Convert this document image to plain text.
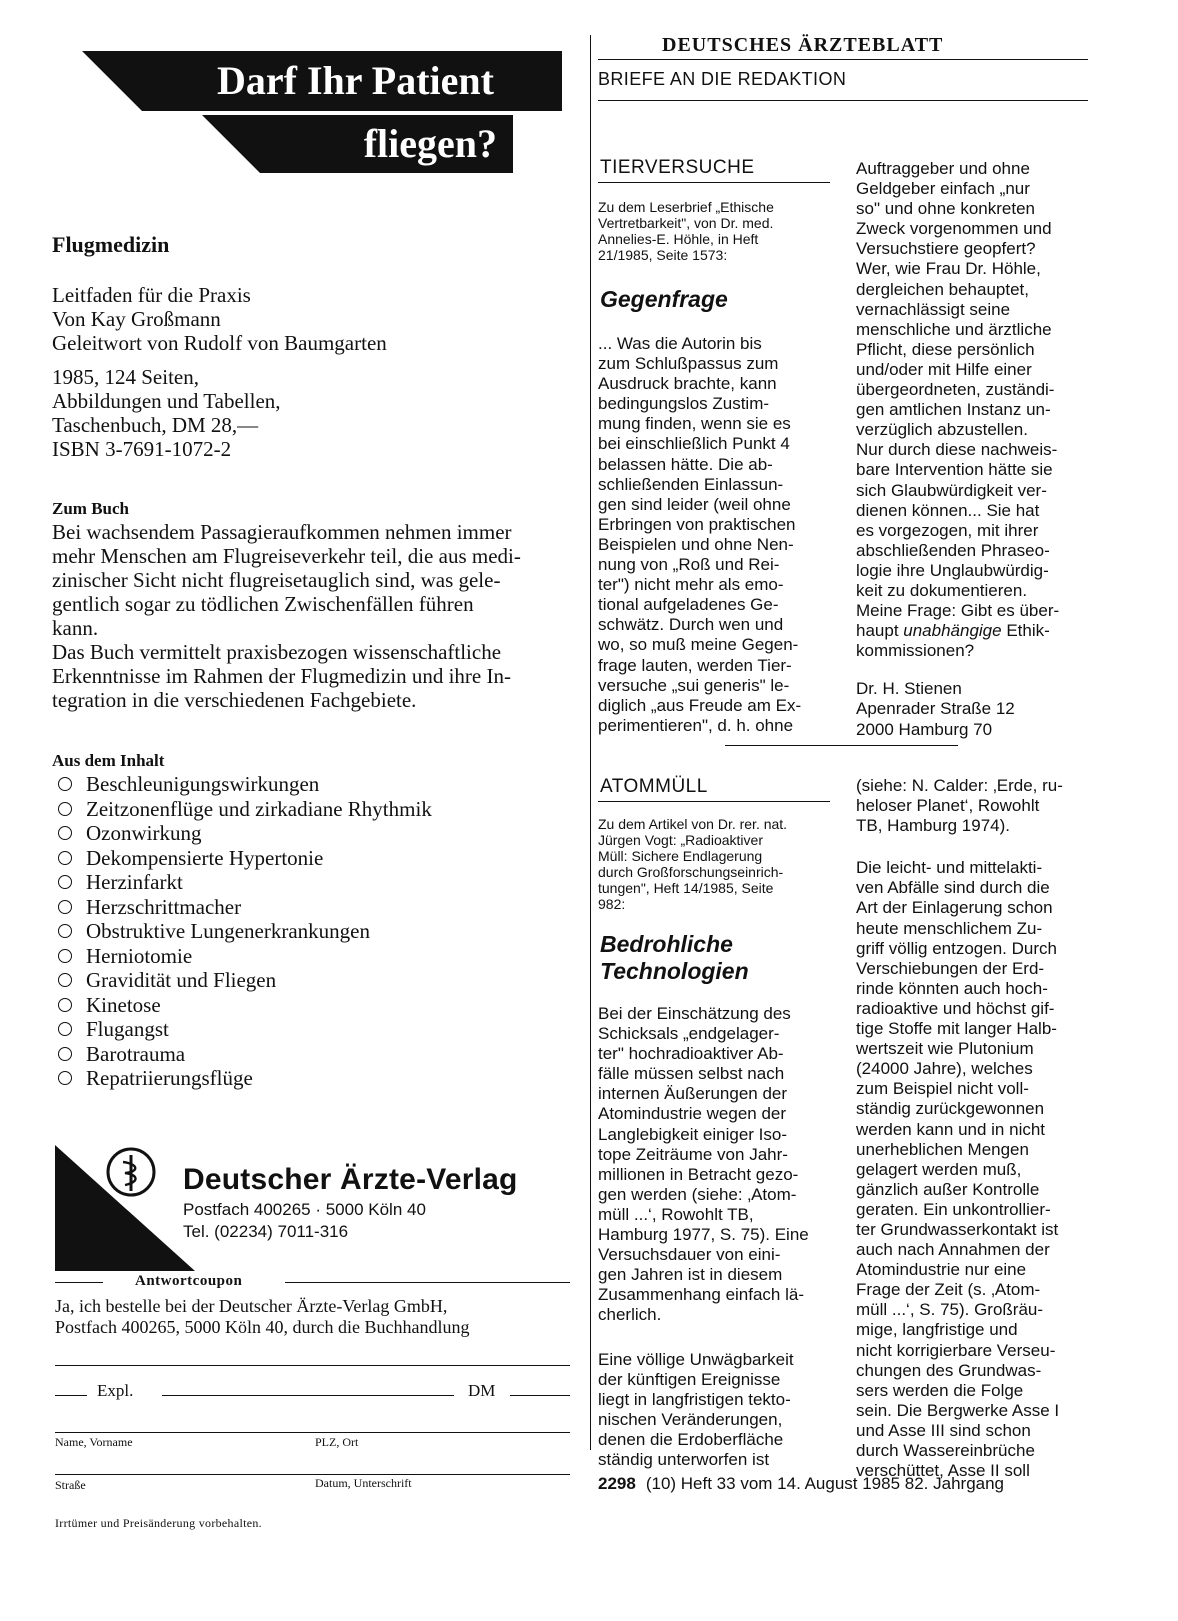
Darf Ihr Patient
fliegen?
Flugmedizin
Leitfaden für die Praxis
Von Kay Großmann
Geleitwort von Rudolf von Baumgarten
1985, 124 Seiten,
Abbildungen und Tabellen,
Taschenbuch, DM 28,—
ISBN 3-7691-1072-2
Zum Buch
Bei wachsendem Passagieraufkommen nehmen immer
mehr Menschen am Flugreiseverkehr teil, die aus medi-
zinischer Sicht nicht flugreisetauglich sind, was gele-
gentlich sogar zu tödlichen Zwischenfällen führen
kann.
Das Buch vermittelt praxisbezogen wissenschaftliche
Erkenntnisse im Rahmen der Flugmedizin und ihre In-
tegration in die verschiedenen Fachgebiete.
Aus dem Inhalt
Beschleunigungswirkungen
Zeitzonenflüge und zirkadiane Rhythmik
Ozonwirkung
Dekompensierte Hypertonie
Herzinfarkt
Herzschrittmacher
Obstruktive Lungenerkrankungen
Herniotomie
Gravidität und Fliegen
Kinetose
Flugangst
Barotrauma
Repatriierungsflüge
Deutscher Ärzte-Verlag
Postfach 400265 · 5000 Köln 40
Tel. (02234) 7011-316
Antwortcoupon
Ja, ich bestelle bei der Deutscher Ärzte-Verlag GmbH,
Postfach 400265, 5000 Köln 40, durch die Buchhandlung
Expl.	DM
Name, Vorname	PLZ, Ort
Straße	Datum, Unterschrift
Irrtümer und Preisänderung vorbehalten.
DEUTSCHES ÄRZTEBLATT
BRIEFE AN DIE REDAKTION
TIERVERSUCHE
Zu dem Leserbrief „Ethische
Vertretbarkeit", von Dr. med.
Annelies-E. Höhle, in Heft
21/1985, Seite 1573:
Gegenfrage
... Was die Autorin bis
zum Schlußpassus zum
Ausdruck brachte, kann
bedingungslos Zustim-
mung finden, wenn sie es
bei einschließlich Punkt 4
belassen hätte. Die ab-
schließenden Einlassun-
gen sind leider (weil ohne
Erbringen von praktischen
Beispielen und ohne Nen-
nung von „Roß und Rei-
ter") nicht mehr als emo-
tional aufgeladenes Ge-
schwätz. Durch wen und
wo, so muß meine Gegen-
frage lauten, werden Tier-
versuche „sui generis" le-
diglich „aus Freude am Ex-
perimentieren", d. h. ohne
Auftraggeber und ohne
Geldgeber einfach „nur
so" und ohne konkreten
Zweck vorgenommen und
Versuchstiere geopfert?
Wer, wie Frau Dr. Höhle,
dergleichen behauptet,
vernachlässigt seine
menschliche und ärztliche
Pflicht, diese persönlich
und/oder mit Hilfe einer
übergeordneten, zuständi-
gen amtlichen Instanz un-
verzüglich abzustellen.
Nur durch diese nachweis-
bare Intervention hätte sie
sich Glaubwürdigkeit ver-
dienen können... Sie hat
es vorgezogen, mit ihrer
abschließenden Phraseo-
logie ihre Unglaubwürdig-
keit zu dokumentieren.
Meine Frage: Gibt es über-
haupt unabhängige Ethik-
kommissionen?
Dr. H. Stienen
Apenrader Straße 12
2000 Hamburg 70
ATOMMÜLL
Zu dem Artikel von Dr. rer. nat.
Jürgen Vogt: „Radioaktiver
Müll: Sichere Endlagerung
durch Großforschungseinrich-
tungen", Heft 14/1985, Seite
982:
Bedrohliche
Technologien
Bei der Einschätzung des
Schicksals „endgelager-
ter" hochradioaktiver Ab-
fälle müssen selbst nach
internen Äußerungen der
Atomindustrie wegen der
Langlebigkeit einiger Iso-
tope Zeiträume von Jahr-
millionen in Betracht gezo-
gen werden (siehe: ‚Atom-
müll ...‘, Rowohlt TB,
Hamburg 1977, S. 75). Eine
Versuchsdauer von eini-
gen Jahren ist in diesem
Zusammenhang einfach lä-
cherlich.
Eine völlige Unwägbarkeit
der künftigen Ereignisse
liegt in langfristigen tekto-
nischen Veränderungen,
denen die Erdoberfläche
ständig unterworfen ist
(siehe: N. Calder: ‚Erde, ru-
heloser Planet‘, Rowohlt
TB, Hamburg 1974).
Die leicht- und mittelakti-
ven Abfälle sind durch die
Art der Einlagerung schon
heute menschlichem Zu-
griff völlig entzogen. Durch
Verschiebungen der Erd-
rinde könnten auch hoch-
radioaktive und höchst gif-
tige Stoffe mit langer Halb-
wertszeit wie Plutonium
(24000 Jahre), welches
zum Beispiel nicht voll-
ständig zurückgewonnen
werden kann und in nicht
unerheblichen Mengen
gelagert werden muß,
gänzlich außer Kontrolle
geraten. Ein unkontrollier-
ter Grundwasserkontakt ist
auch nach Annahmen der
Atomindustrie nur eine
Frage der Zeit (s. ‚Atom-
müll ...‘, S. 75). Großräu-
mige, langfristige und
nicht korrigierbare Verseu-
chungen des Grundwas-
sers werden die Folge
sein. Die Bergwerke Asse I
und Asse III sind schon
durch Wassereinbrüche
verschüttet, Asse II soll
2298 (10) Heft 33 vom 14. August 1985 82. Jahrgang
